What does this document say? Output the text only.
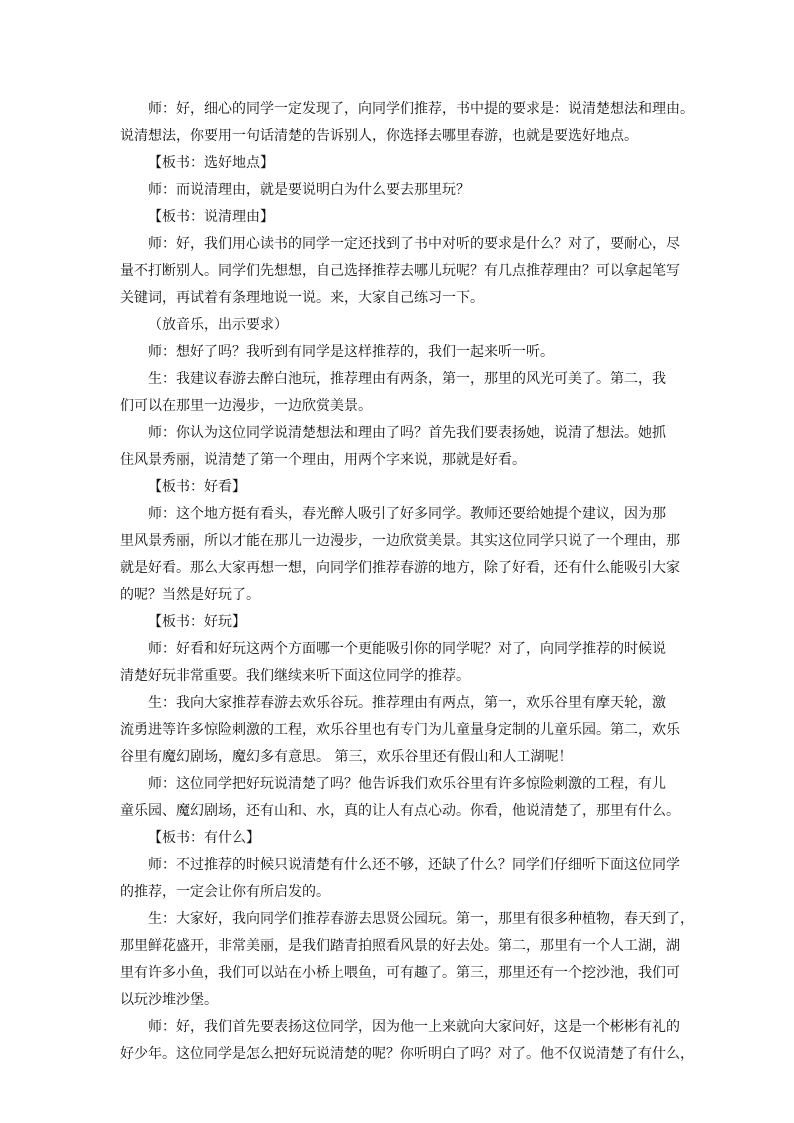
师：好，细心的同学一定发现了，向同学们推荐，书中提的要求是：说清楚想法和理由。
说清想法，你要用一句话清楚的告诉别人，你选择去哪里春游，也就是要选好地点。
【板书：选好地点】
师：而说清理由，就是要说明白为什么要去那里玩？
【板书：说清理由】
师：好，我们用心读书的同学一定还找到了书中对听的要求是什么？对了，要耐心，尽
量不打断别人。同学们先想想，自己选择推荐去哪儿玩呢？有几点推荐理由？可以拿起笔写
关键词，再试着有条理地说一说。来，大家自己练习一下。
（放音乐，出示要求）
师：想好了吗？我听到有同学是这样推荐的，我们一起来听一听。
生：我建议春游去醉白池玩，推荐理由有两条，第一，那里的风光可美了。第二，我
们可以在那里一边漫步，一边欣赏美景。
师：你认为这位同学说清楚想法和理由了吗？首先我们要表扬她，说清了想法。她抓
住风景秀丽，说清楚了第一个理由，用两个字来说，那就是好看。
【板书：好看】
师：这个地方挺有看头，春光醉人吸引了好多同学。教师还要给她提个建议，因为那
里风景秀丽，所以才能在那儿一边漫步，一边欣赏美景。其实这位同学只说了一个理由，那
就是好看。那么大家再想一想，向同学们推荐春游的地方，除了好看，还有什么能吸引大家
的呢？当然是好玩了。
【板书：好玩】
师：好看和好玩这两个方面哪一个更能吸引你的同学呢？对了，向同学推荐的时候说
清楚好玩非常重要。我们继续来听下面这位同学的推荐。
生：我向大家推荐春游去欢乐谷玩。推荐理由有两点，第一，欢乐谷里有摩天轮，激
流勇进等许多惊险刺激的工程，欢乐谷里也有专门为儿童量身定制的儿童乐园。第二，欢乐
谷里有魔幻剧场，魔幻多有意思。 第三，欢乐谷里还有假山和人工湖呢！
师：这位同学把好玩说清楚了吗？他告诉我们欢乐谷里有许多惊险刺激的工程，有儿
童乐园、魔幻剧场，还有山和、水，真的让人有点心动。你看，他说清楚了，那里有什么。
【板书：有什么】
师：不过推荐的时候只说清楚有什么还不够，还缺了什么？同学们仔细听下面这位同学
的推荐，一定会让你有所启发的。
生：大家好，我向同学们推荐春游去思贤公园玩。第一，那里有很多种植物，春天到了，
那里鲜花盛开，非常美丽，是我们踏青拍照看风景的好去处。第二，那里有一个人工湖，湖
里有许多小鱼，我们可以站在小桥上喂鱼，可有趣了。第三，那里还有一个挖沙池，我们可
以玩沙堆沙堡。
师：好，我们首先要表扬这位同学，因为他一上来就向大家问好，这是一个彬彬有礼的
好少年。这位同学是怎么把好玩说清楚的呢？你听明白了吗？对了。他不仅说清楚了有什么，
